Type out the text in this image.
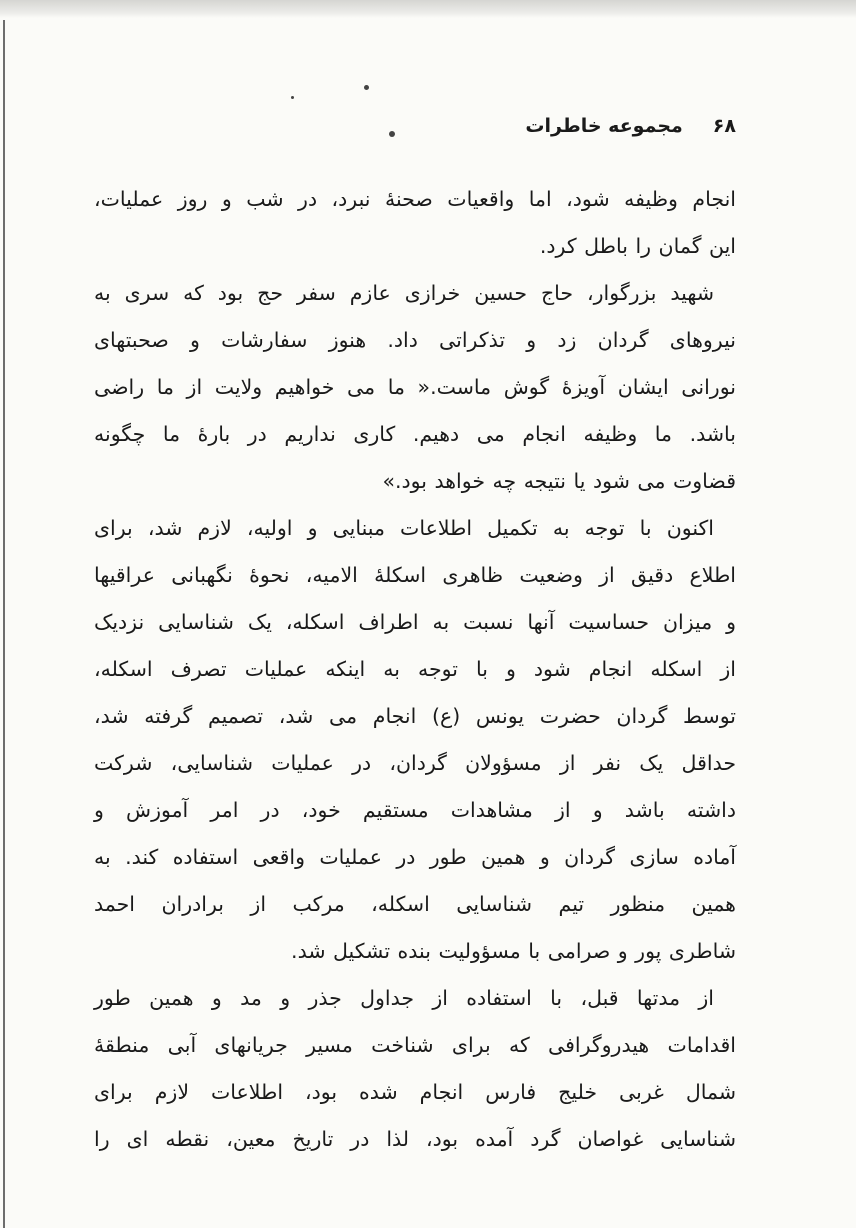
۶۸
مجموعه خاطرات
انجام وظیفه شود، اما واقعیات صحنهٔ نبرد، در شب و روز عملیات،
این گمان را باطل کرد.
شهید بزرگوار، حاج حسین خرازی عازم سفر حج بود که سری به
نیروهای گردان زد و تذکراتی داد. هنوز سفارشات و صحبتهای
نورانی ایشان آویزهٔ گوش ماست.« ما می خواهیم ولایت از ما راضی
باشد. ما وظیفه انجام می دهیم. کاری نداریم در بارهٔ ما چگونه
قضاوت می شود یا نتیجه چه خواهد بود.»
اکنون با توجه به تکمیل اطلاعات مبنایی و اولیه، لازم شد، برای
اطلاع دقیق از وضعیت ظاهری اسکلهٔ الامیه، نحوهٔ نگهبانی عراقیها
و میزان حساسیت آنها نسبت به اطراف اسکله، یک شناسایی نزدیک
از اسکله انجام شود و با توجه به اینکه عملیات تصرف اسکله،
توسط گردان حضرت یونس (ع) انجام می شد، تصمیم گرفته شد،
حداقل یک نفر از مسؤولان گردان، در عملیات شناسایی، شرکت
داشته باشد و از مشاهدات مستقیم خود، در امر آموزش و
آماده سازی گردان و همین طور در عملیات واقعی استفاده کند. به
همین منظور تیم شناسایی اسکله، مرکب از برادران احمد
شاطری پور و صرامی با مسؤولیت بنده تشکیل شد.
از مدتها قبل، با استفاده از جداول جذر و مد و همین طور
اقدامات هیدروگرافی که برای شناخت مسیر جریانهای آبی منطقهٔ
شمال غربی خلیج فارس انجام شده بود، اطلاعات لازم برای
شناسایی غواصان گرد آمده بود، لذا در تاریخ معین، نقطه ای را
